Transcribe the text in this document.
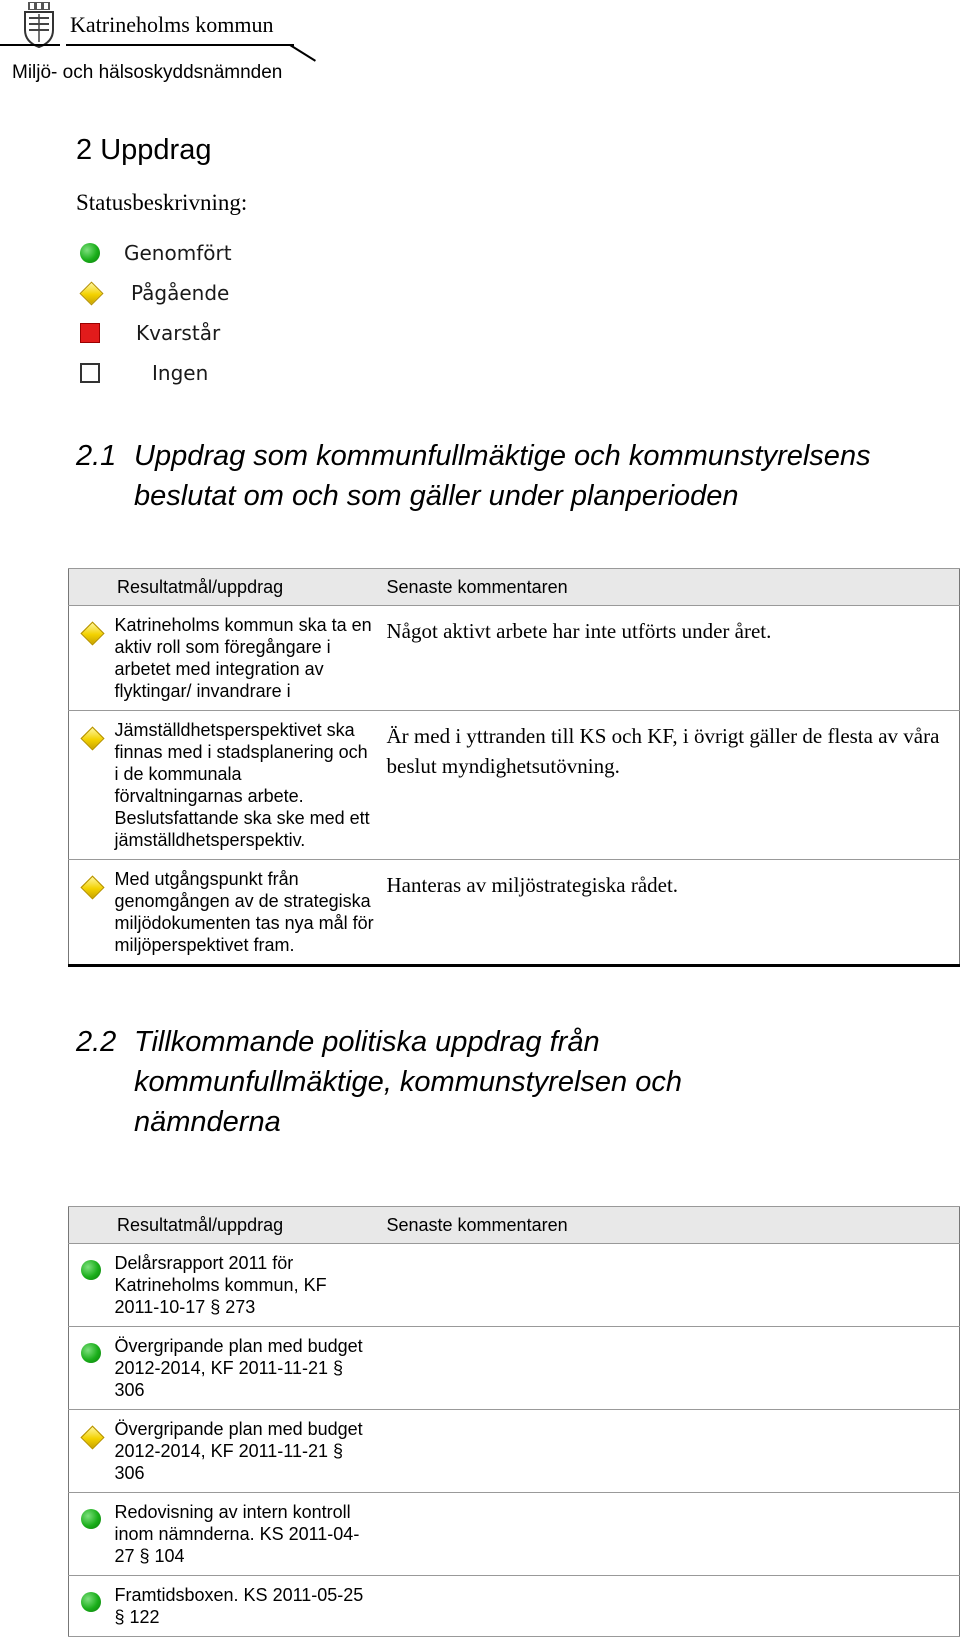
Katrineholms kommun
Miljö- och hälsoskyddsnämnden
2 Uppdrag
Statusbeskrivning:
Genomfört
Pågående
Kvarstår
Ingen
2.1 Uppdrag som kommunfullmäktige och kommunstyrelsens beslutat om och som gäller under planperioden
Resultatmål/uppdrag		Senaste kommentaren
	Katrineholms kommun ska ta en aktiv roll som föregångare i arbetet med integration av flyktingar/ invandrare i	Något aktivt arbete har inte utförts under året.
	Jämställdhetsperspektivet ska finnas med i stadsplanering och i de kommunala förvaltningarnas arbete. Beslutsfattande ska ske med ett jämställdhetsperspektiv.	Är med i yttranden till KS och KF, i övrigt gäller de flesta av våra beslut myndighetsutövning.
	Med utgångspunkt från genomgången av de strategiska miljödokumenten tas nya mål för miljöperspektivet fram.	Hanteras av miljöstrategiska rådet.
2.2 Tillkommande politiska uppdrag från kommunfullmäktige, kommunstyrelsen och nämnderna
Resultatmål/uppdrag		Senaste kommentaren
	Delårsrapport 2011 för Katrineholms kommun, KF 2011-10-17 § 273	
	Övergripande plan med budget 2012-2014, KF 2011-11-21 § 306	
	Övergripande plan med budget 2012-2014, KF 2011-11-21 § 306	
	Redovisning av intern kontroll inom nämnderna. KS 2011-04-27 § 104	
	Framtidsboxen. KS 2011-05-25 § 122	
